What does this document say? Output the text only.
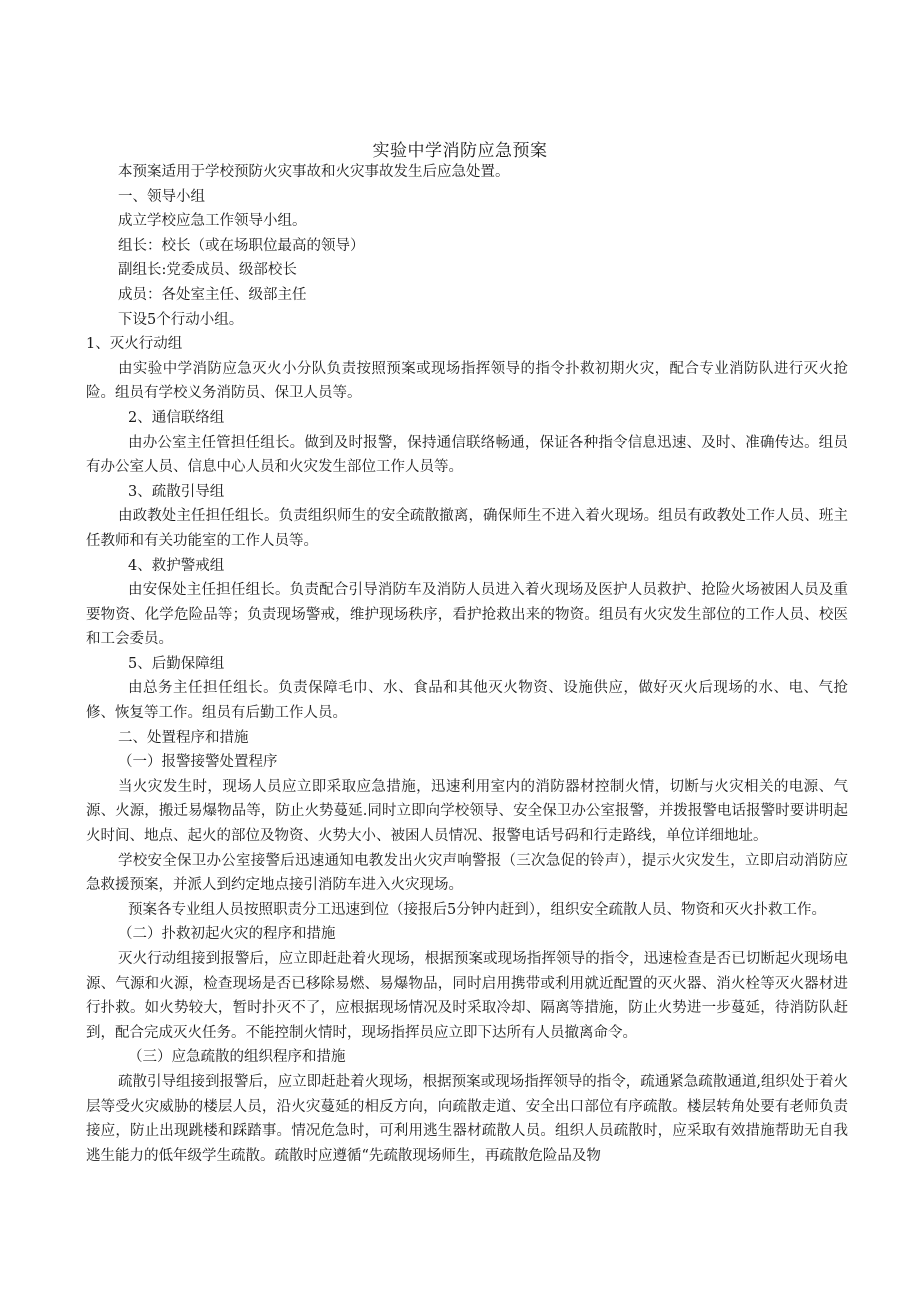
实验中学消防应急预案

本预案适用于学校预防火灾事故和火灾事故发生后应急处置。

一、领导小组

成立学校应急工作领导小组。

组长：校长（或在场职位最高的领导）

副组长:党委成员、级部校长

成员：各处室主任、级部主任

下设5个行动小组。

1、灭火行动组

由实验中学消防应急灭火小分队负责按照预案或现场指挥领导的指令扑救初期火灾，配合专业消防队进行灭火抢险。组员有学校义务消防员、保卫人员等。

2、通信联络组

由办公室主任管担任组长。做到及时报警，保持通信联络畅通，保证各种指令信息迅速、及时、准确传达。组员有办公室人员、信息中心人员和火灾发生部位工作人员等。

3、疏散引导组

由政教处主任担任组长。负责组织师生的安全疏散撤离，确保师生不进入着火现场。组员有政教处工作人员、班主任教师和有关功能室的工作人员等。

4、救护警戒组

由安保处主任担任组长。负责配合引导消防车及消防人员进入着火现场及医护人员救护、抢险火场被困人员及重要物资、化学危险品等；负责现场警戒，维护现场秩序，看护抢救出来的物资。组员有火灾发生部位的工作人员、校医和工会委员。

5、后勤保障组

由总务主任担任组长。负责保障毛巾、水、食品和其他灭火物资、设施供应，做好灭火后现场的水、电、气抢修、恢复等工作。组员有后勤工作人员。

二、处置程序和措施

（一）报警接警处置程序

当火灾发生时，现场人员应立即采取应急措施，迅速利用室内的消防器材控制火情，切断与火灾相关的电源、气源、火源，搬迁易爆物品等，防止火势蔓延.同时立即向学校领导、安全保卫办公室报警，并拨报警电话报警时要讲明起火时间、地点、起火的部位及物资、火势大小、被困人员情况、报警电话号码和行走路线，单位详细地址。

学校安全保卫办公室接警后迅速通知电教发出火灾声响警报（三次急促的铃声），提示火灾发生，立即启动消防应急救援预案，并派人到约定地点接引消防车进入火灾现场。

预案各专业组人员按照职责分工迅速到位（接报后5分钟内赶到），组织安全疏散人员、物资和灭火扑救工作。

（二）扑救初起火灾的程序和措施

灭火行动组接到报警后，应立即赶赴着火现场，根据预案或现场指挥领导的指令，迅速检查是否已切断起火现场电源、气源和火源，检查现场是否已移除易燃、易爆物品，同时启用携带或利用就近配置的灭火器、消火栓等灭火器材进行扑救。如火势较大，暂时扑灭不了，应根据现场情况及时采取冷却、隔离等措施，防止火势进一步蔓延，待消防队赶到，配合完成灭火任务。不能控制火情时，现场指挥员应立即下达所有人员撤离命令。

（三）应急疏散的组织程序和措施

疏散引导组接到报警后，应立即赶赴着火现场，根据预案或现场指挥领导的指令，疏通紧急疏散通道,组织处于着火层等受火灾威胁的楼层人员，沿火灾蔓延的相反方向，向疏散走道、安全出口部位有序疏散。楼层转角处要有老师负责接应，防止出现跳楼和踩踏事。情况危急时，可利用逃生器材疏散人员。组织人员疏散时，应采取有效措施帮助无自我逃生能力的低年级学生疏散。疏散时应遵循“先疏散现场师生，再疏散危险品及物
